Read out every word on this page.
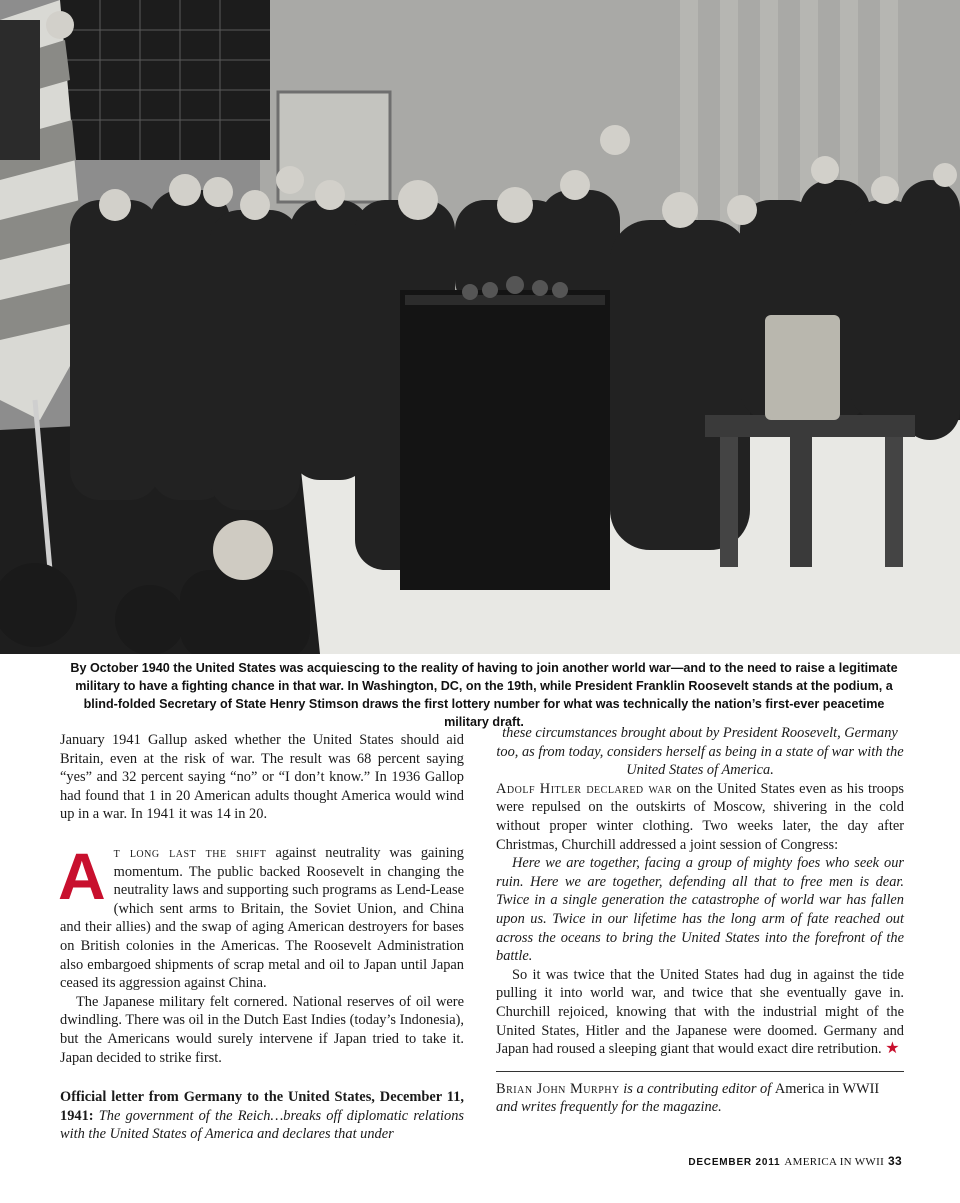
By October 1940 the United States was acquiescing to the reality of having to join another world war—and to the need to raise a legitimate military to have a fighting chance in that war. In Washington, DC, on the 19th, while President Franklin Roosevelt stands at the podium, a blind-folded Secretary of State Henry Stimson draws the first lottery number for what was technically the nation’s first-ever peacetime military draft.

January 1941 Gallup asked whether the United States should aid Britain, even at the risk of war. The result was 68 percent saying “yes” and 32 percent saying “no” or “I don’t know.” In 1936 Gallop had found that 1 in 20 American adults thought America would wind up in a war. In 1941 it was 14 in 20.

At long last the shift against neutrality was gaining momentum. The public backed Roosevelt in changing the neutrality laws and supporting such programs as Lend-Lease (which sent arms to Britain, the Soviet Union, and China and their allies) and the swap of aging American destroyers for bases on British colonies in the Americas. The Roosevelt Administration also embargoed shipments of scrap metal and oil to Japan until Japan ceased its aggression against China.

The Japanese military felt cornered. National reserves of oil were dwindling. There was oil in the Dutch East Indies (today’s Indonesia), but the Americans would surely intervene if Japan tried to take it. Japan decided to strike first.

Official letter from Germany to the United States, December 11, 1941: The government of the Reich…breaks off diplomatic relations with the United States of America and declares that under

these circumstances brought about by President Roosevelt, Germany too, as from today, considers herself as being in a state of war with the United States of America.

Adolf Hitler declared war on the United States even as his troops were repulsed on the outskirts of Moscow, shivering in the cold without proper winter clothing. Two weeks later, the day after Christmas, Churchill addressed a joint session of Congress:

Here we are together, facing a group of mighty foes who seek our ruin. Here we are together, defending all that to free men is dear. Twice in a single generation the catastrophe of world war has fallen upon us. Twice in our lifetime has the long arm of fate reached out across the oceans to bring the United States into the forefront of the battle.

So it was twice that the United States had dug in against the tide pulling it into world war, and twice that she eventually gave in. Churchill rejoiced, knowing that with the industrial might of the United States, Hitler and the Japanese were doomed. Germany and Japan had roused a sleeping giant that would exact dire retribution. ★

Brian John Murphy is a contributing editor of America in WWII and writes frequently for the magazine.

DECEMBER 2011 AMERICA IN WWII 33
